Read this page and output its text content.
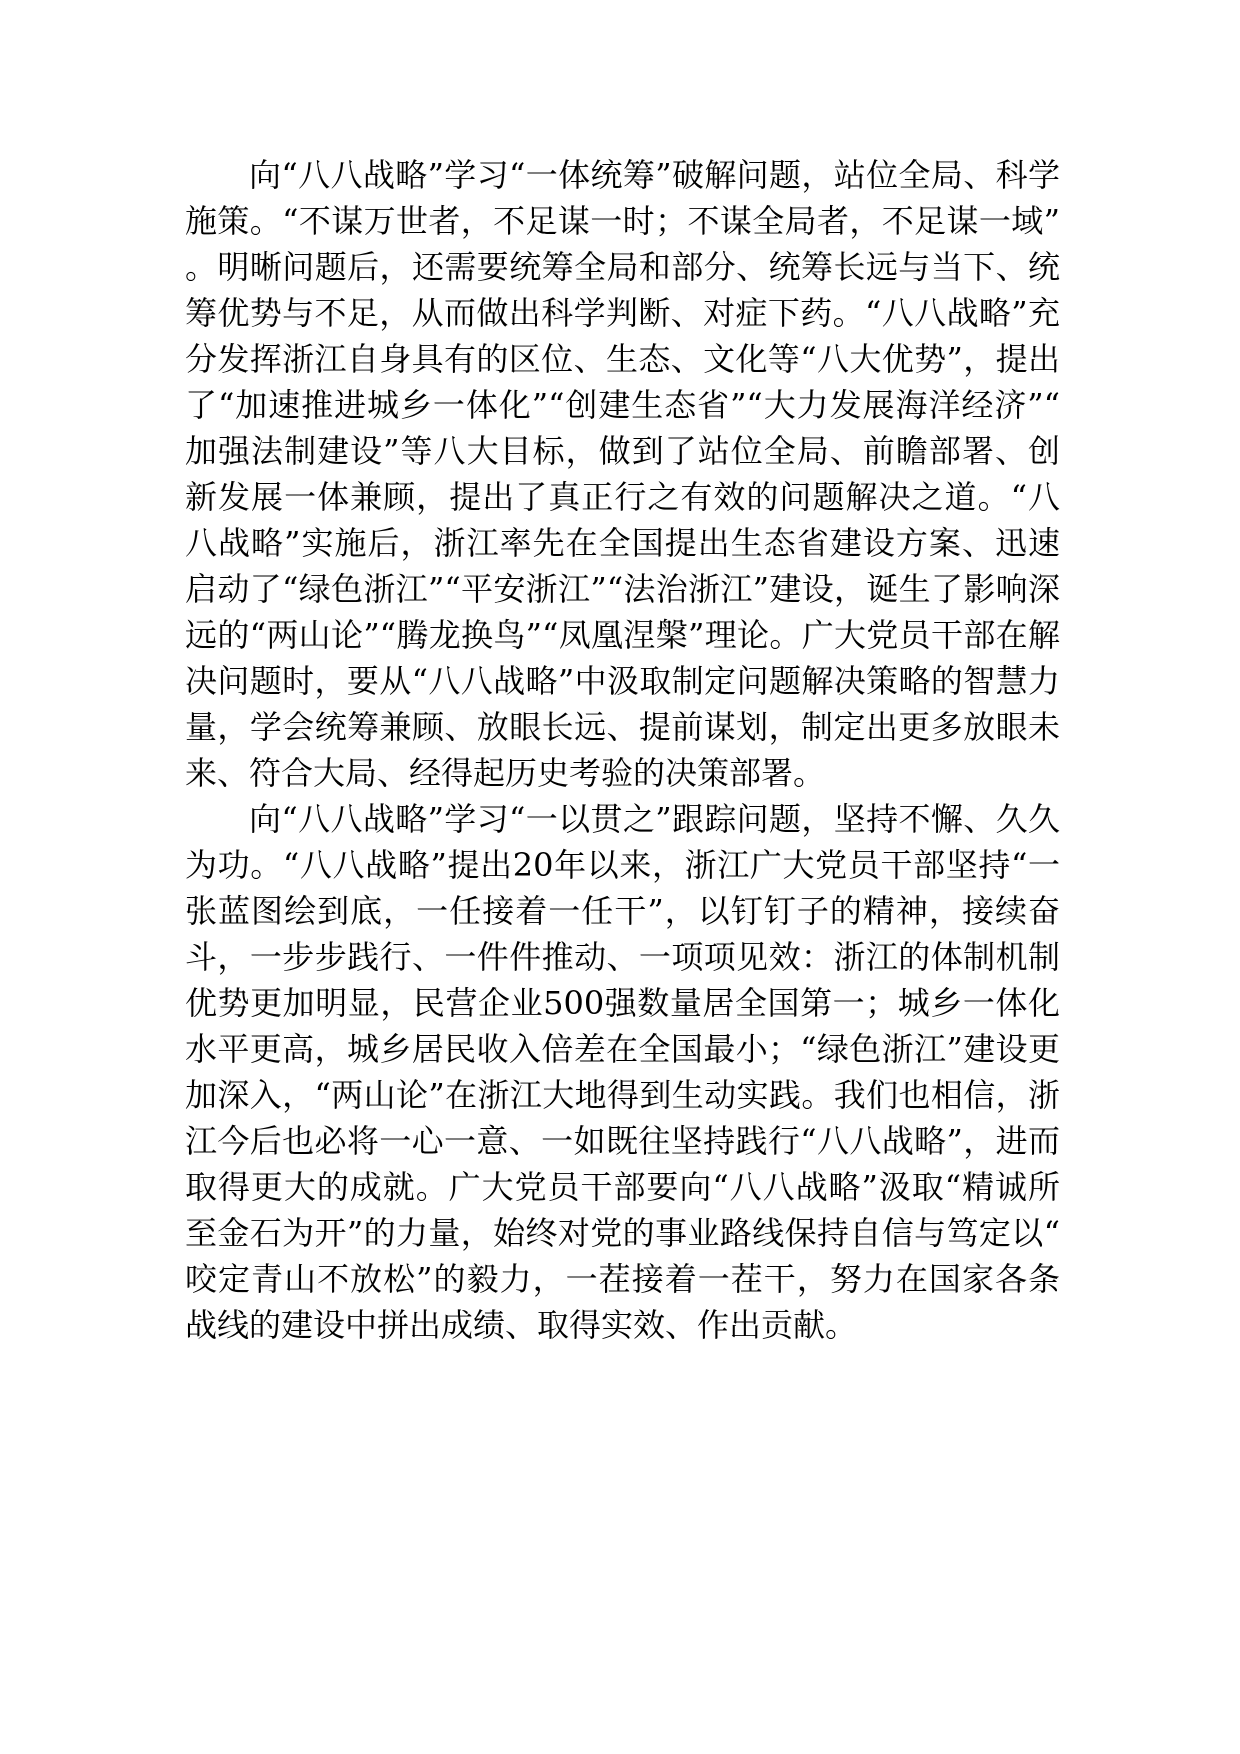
向“八八战略”学习“一体统筹”破解问题，站位全局、科学施策。“不谋万世者，不足谋一时；不谋全局者，不足谋一域”。明晰问题后，还需要统筹全局和部分、统筹长远与当下、统筹优势与不足，从而做出科学判断、对症下药。“八八战略”充分发挥浙江自身具有的区位、生态、文化等“八大优势”，提出了“加速推进城乡一体化”“创建生态省”“大力发展海洋经济”“加强法制建设”等八大目标，做到了站位全局、前瞻部署、创新发展一体兼顾，提出了真正行之有效的问题解决之道。“八八战略”实施后，浙江率先在全国提出生态省建设方案、迅速启动了“绿色浙江”“平安浙江”“法治浙江”建设，诞生了影响深远的“两山论”“腾龙换鸟”“凤凰涅槃”理论。广大党员干部在解决问题时，要从“八八战略”中汲取制定问题解决策略的智慧力量，学会统筹兼顾、放眼长远、提前谋划，制定出更多放眼未来、符合大局、经得起历史考验的决策部署。

向“八八战略”学习“一以贯之”跟踪问题，坚持不懈、久久为功。“八八战略”提出20年以来，浙江广大党员干部坚持“一张蓝图绘到底，一任接着一任干”，以钉钉子的精神，接续奋斗，一步步践行、一件件推动、一项项见效：浙江的体制机制优势更加明显，民营企业500强数量居全国第一；城乡一体化水平更高，城乡居民收入倍差在全国最小；“绿色浙江”建设更加深入，“两山论”在浙江大地得到生动实践。我们也相信，浙江今后也必将一心一意、一如既往坚持践行“八八战略”，进而取得更大的成就。广大党员干部要向“八八战略”汲取“精诚所至金石为开”的力量，始终对党的事业路线保持自信与笃定以“咬定青山不放松”的毅力，一茬接着一茬干，努力在国家各条战线的建设中拼出成绩、取得实效、作出贡献。
